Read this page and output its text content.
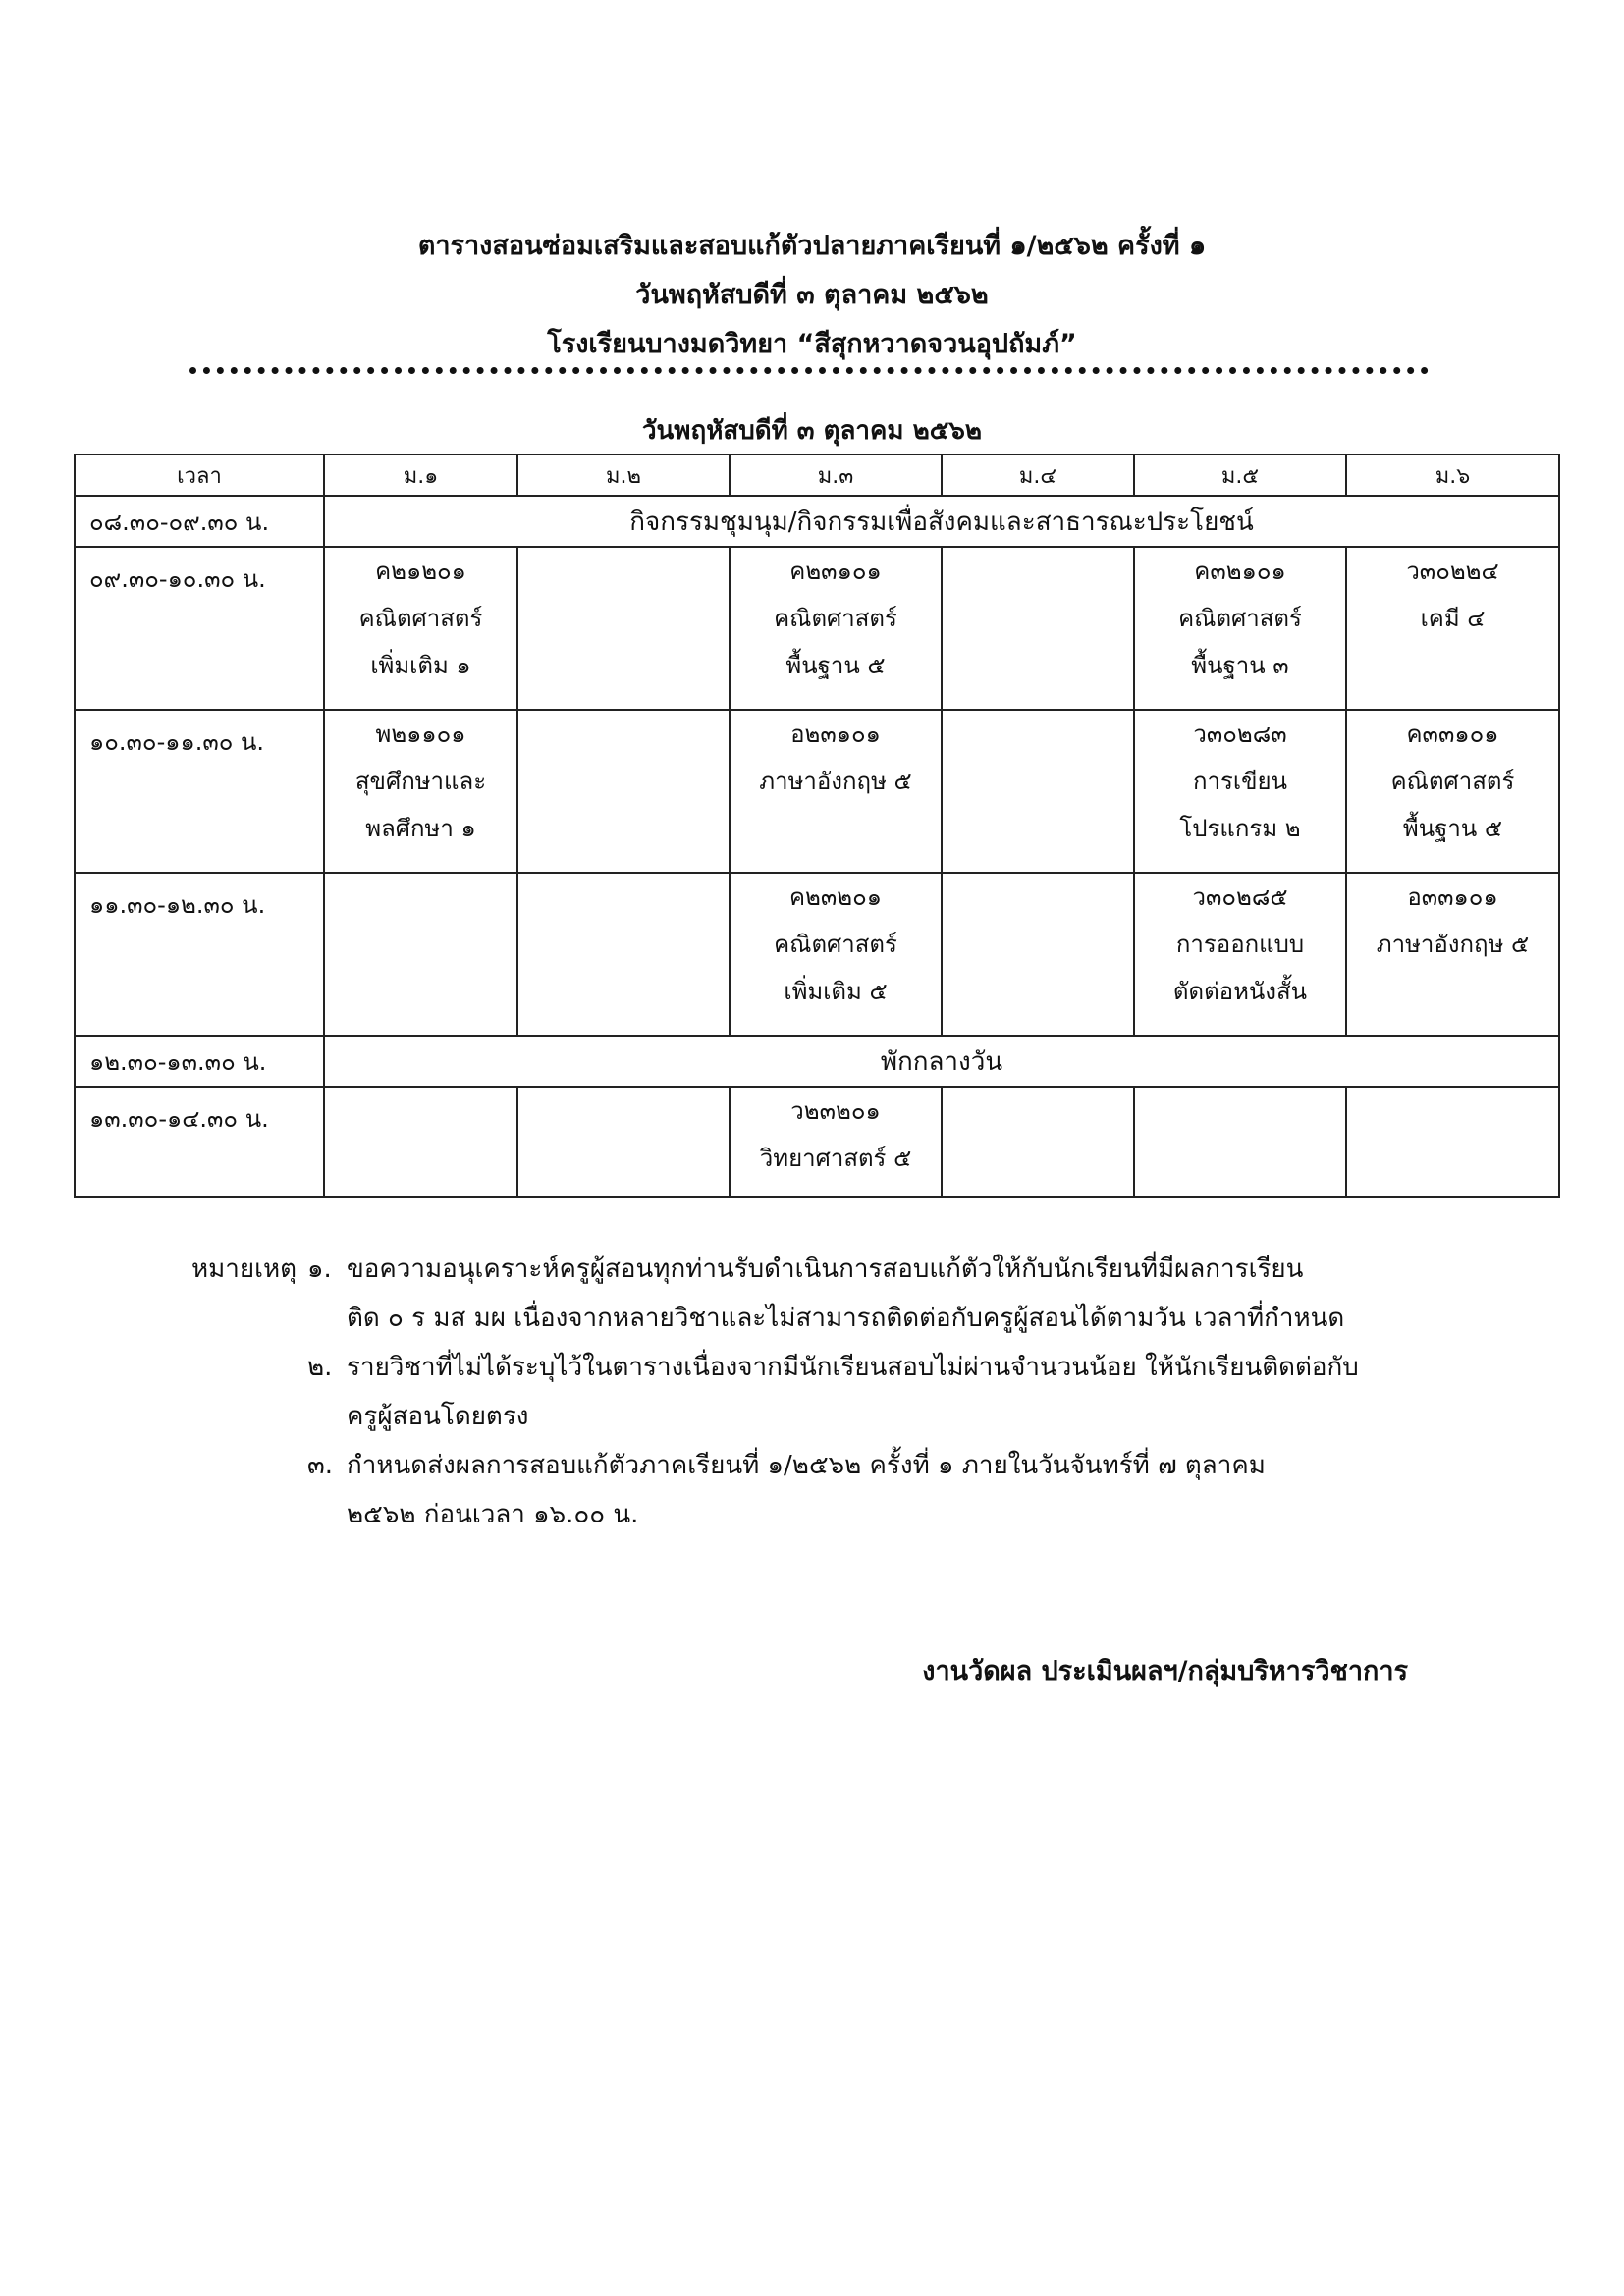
ตารางสอนซ่อมเสริมและสอบแก้ตัวปลายภาคเรียนที่ ๑/๒๕๖๒ ครั้งที่ ๑
วันพฤหัสบดีที่ ๓ ตุลาคม ๒๕๖๒
โรงเรียนบางมดวิทยา “สีสุกหวาดจวนอุปถัมภ์”
วันพฤหัสบดีที่ ๓ ตุลาคม ๒๕๖๒
เวลา	ม.๑	ม.๒	ม.๓	ม.๔	ม.๕	ม.๖
๐๘.๓๐-๐๙.๓๐ น.	กิจกรรมชุมนุม/กิจกรรมเพื่อสังคมและสาธารณะประโยชน์					
๐๙.๓๐-๑๐.๓๐ น.	ค๒๑๒๐๑
คณิตศาสตร์
เพิ่มเติม ๑		ค๒๓๑๐๑
คณิตศาสตร์
พื้นฐาน ๕		ค๓๒๑๐๑
คณิตศาสตร์
พื้นฐาน ๓	ว๓๐๒๒๔
เคมี ๔

๑๐.๓๐-๑๑.๓๐ น.	พ๒๑๑๐๑
สุขศึกษาและ
พลศึกษา ๑		อ๒๓๑๐๑
ภาษาอังกฤษ ๕		ว๓๐๒๘๓
การเขียน
โปรแกรม ๒	ค๓๓๑๐๑
คณิตศาสตร์
พื้นฐาน ๕

๑๑.๓๐-๑๒.๓๐ น.			ค๒๓๒๐๑
คณิตศาสตร์
เพิ่มเติม ๕		ว๓๐๒๘๕
การออกแบบ
ตัดต่อหนังสั้น	อ๓๓๑๐๑
ภาษาอังกฤษ ๕

๑๒.๓๐-๑๓.๓๐ น.	พักกลางวัน					
๑๓.๓๐-๑๔.๓๐ น.			ว๒๓๒๐๑
วิทยาศาสตร์ ๕			

หมายเหตุ ๑. ขอความอนุเคราะห์ครูผู้สอนทุกท่านรับดำเนินการสอบแก้ตัวให้กับนักเรียนที่มีผลการเรียน
ติด ๐ ร มส มผ เนื่องจากหลายวิชาและไม่สามารถติดต่อกับครูผู้สอนได้ตามวัน เวลาที่กำหนด
๒. รายวิชาที่ไม่ได้ระบุไว้ในตารางเนื่องจากมีนักเรียนสอบไม่ผ่านจำนวนน้อย ให้นักเรียนติดต่อกับ
ครูผู้สอนโดยตรง
๓. กำหนดส่งผลการสอบแก้ตัวภาคเรียนที่ ๑/๒๕๖๒ ครั้งที่ ๑ ภายในวันจันทร์ที่ ๗ ตุลาคม
๒๕๖๒ ก่อนเวลา ๑๖.๐๐ น.
งานวัดผล ประเมินผลฯ/กลุ่มบริหารวิชาการ
